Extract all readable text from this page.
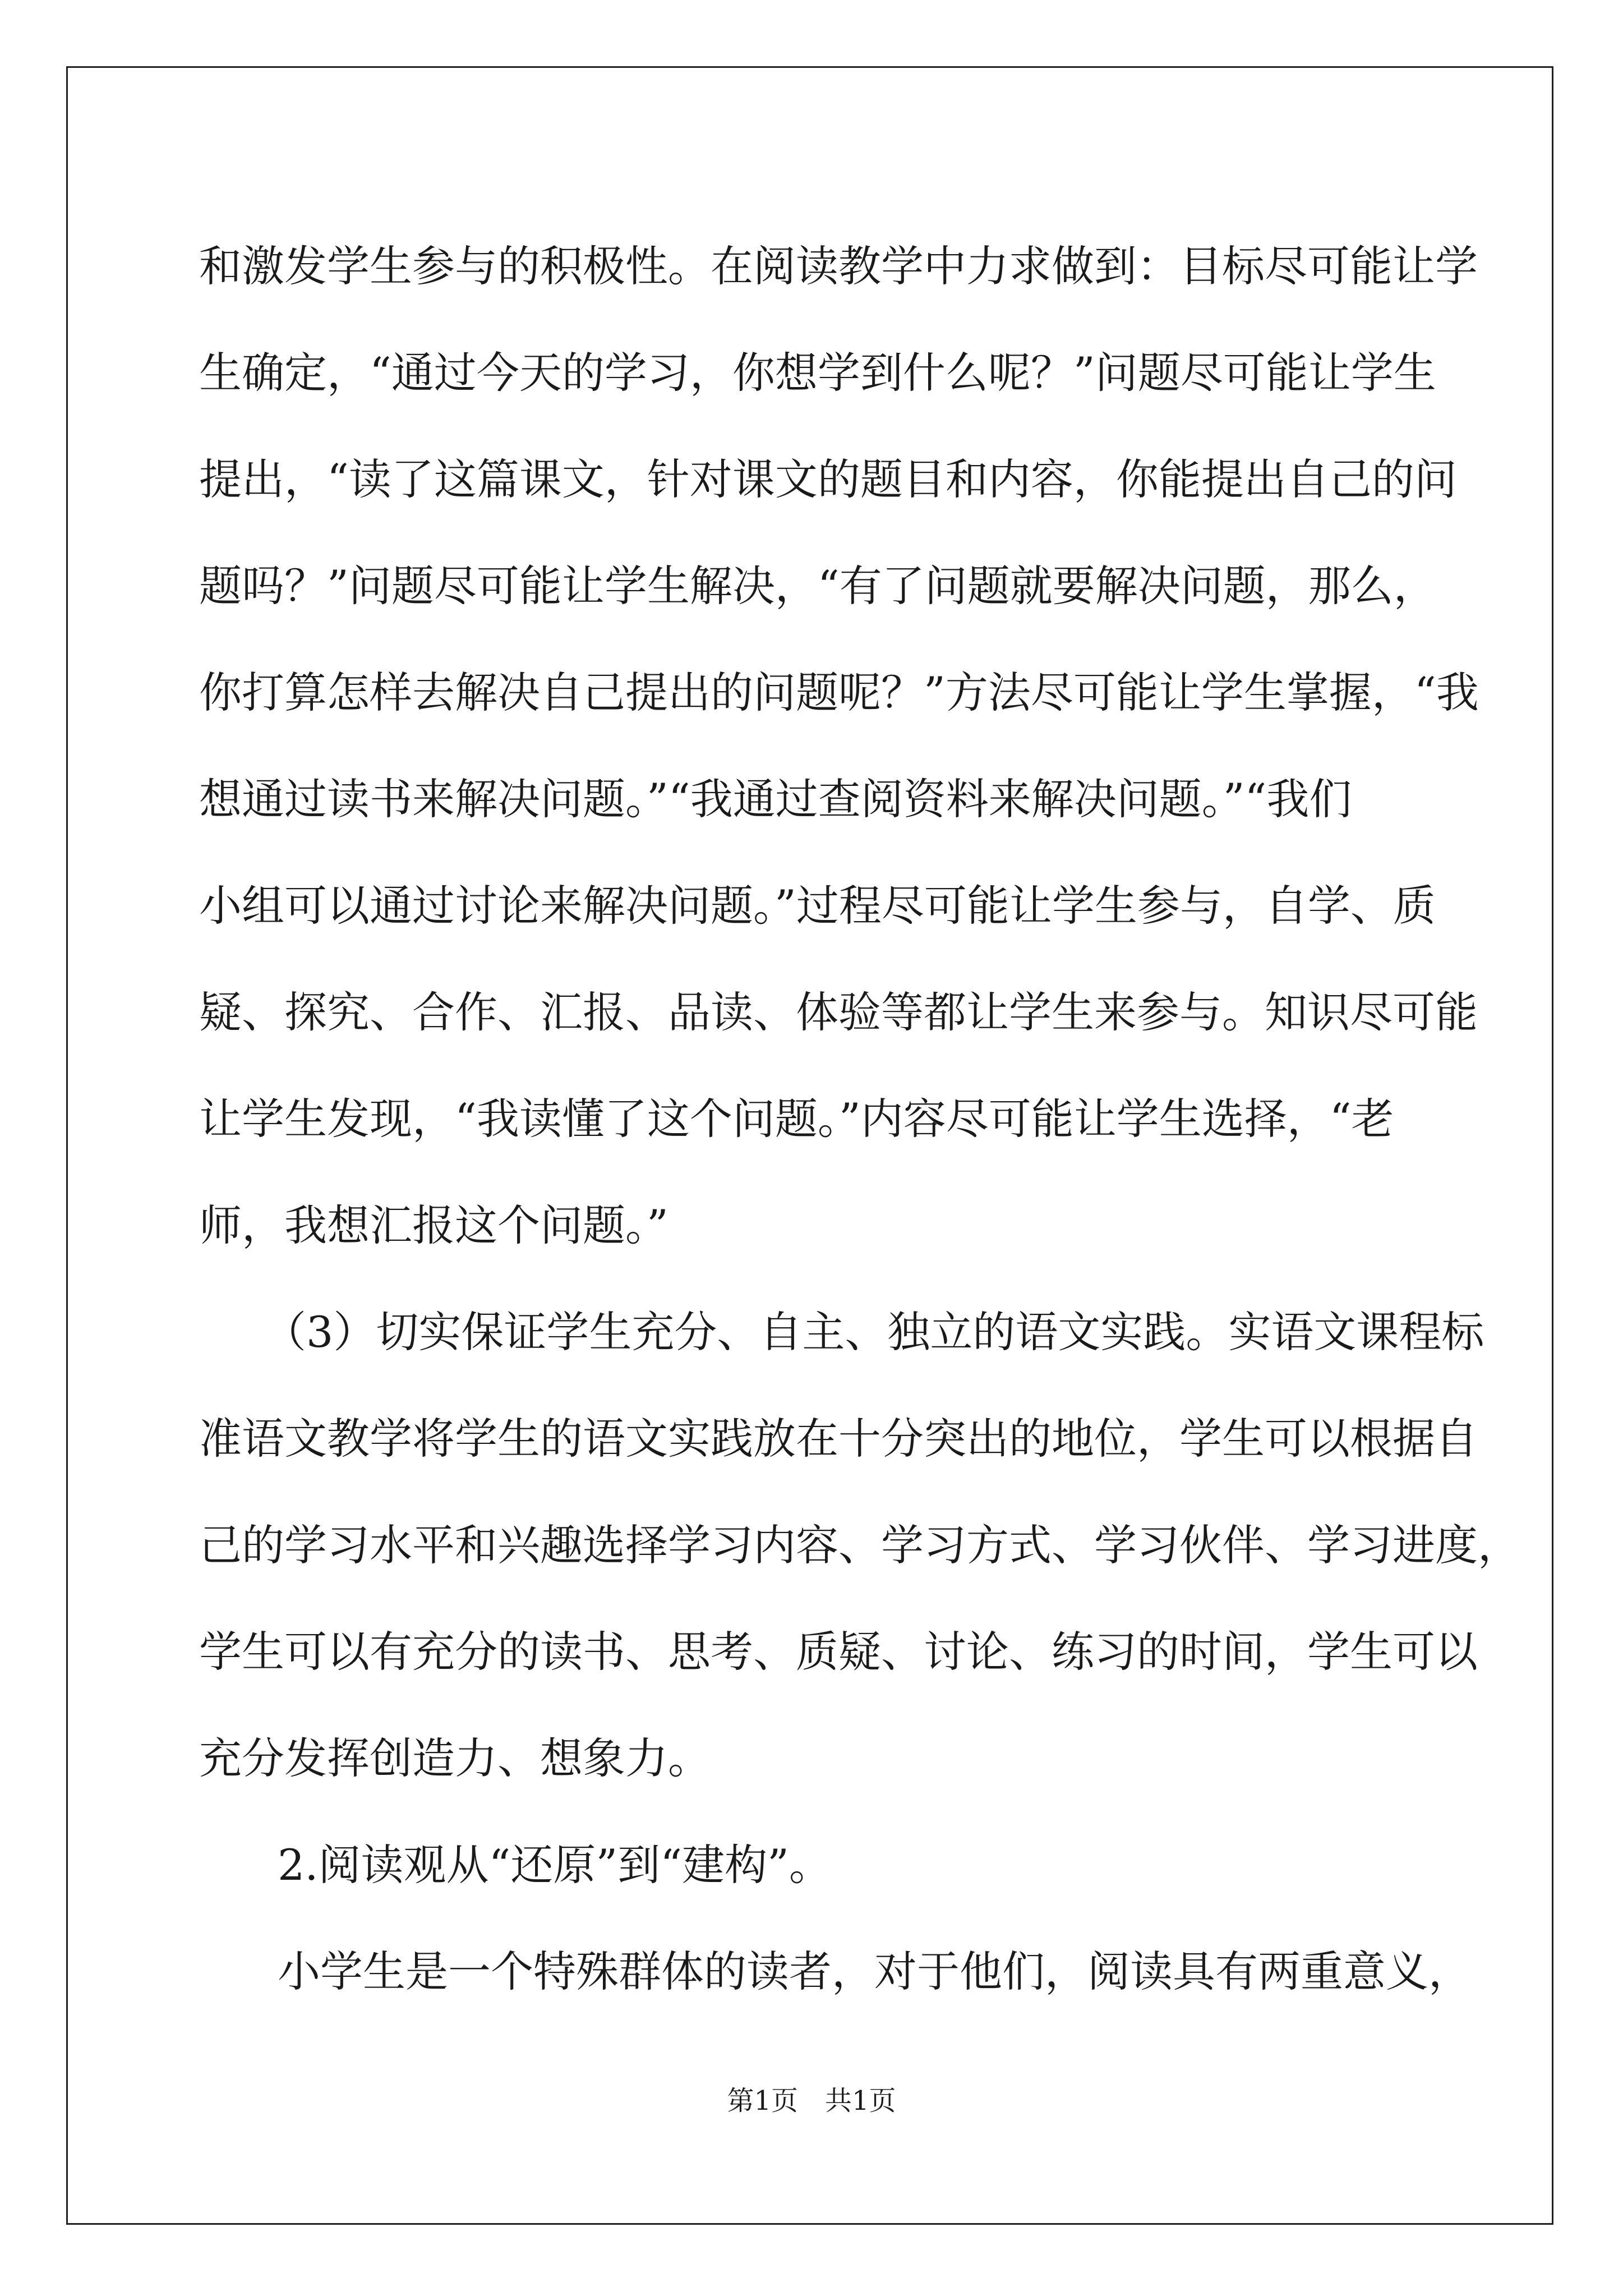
和激发学生参与的积极性。在阅读教学中力求做到：目标尽可能让学
生确定，“通过今天的学习，你想学到什么呢？”问题尽可能让学生
提出，“读了这篇课文，针对课文的题目和内容，你能提出自己的问
题吗？”问题尽可能让学生解决，“有了问题就要解决问题，那么，
你打算怎样去解决自己提出的问题呢？”方法尽可能让学生掌握，“我
想通过读书来解决问题。”“我通过查阅资料来解决问题。”“我们
小组可以通过讨论来解决问题。”过程尽可能让学生参与，自学、质
疑、探究、合作、汇报、品读、体验等都让学生来参与。知识尽可能
让学生发现，“我读懂了这个问题。”内容尽可能让学生选择，“老
师，我想汇报这个问题。”
（3）切实保证学生充分、自主、独立的语文实践。实语文课程标
准语文教学将学生的语文实践放在十分突出的地位，学生可以根据自
己的学习水平和兴趣选择学习内容、学习方式、学习伙伴、学习进度，
学生可以有充分的读书、思考、质疑、讨论、练习的时间，学生可以
充分发挥创造力、想象力。
2.阅读观从“还原”到“建构”。
小学生是一个特殊群体的读者，对于他们，阅读具有两重意义，
第1页　共1页
